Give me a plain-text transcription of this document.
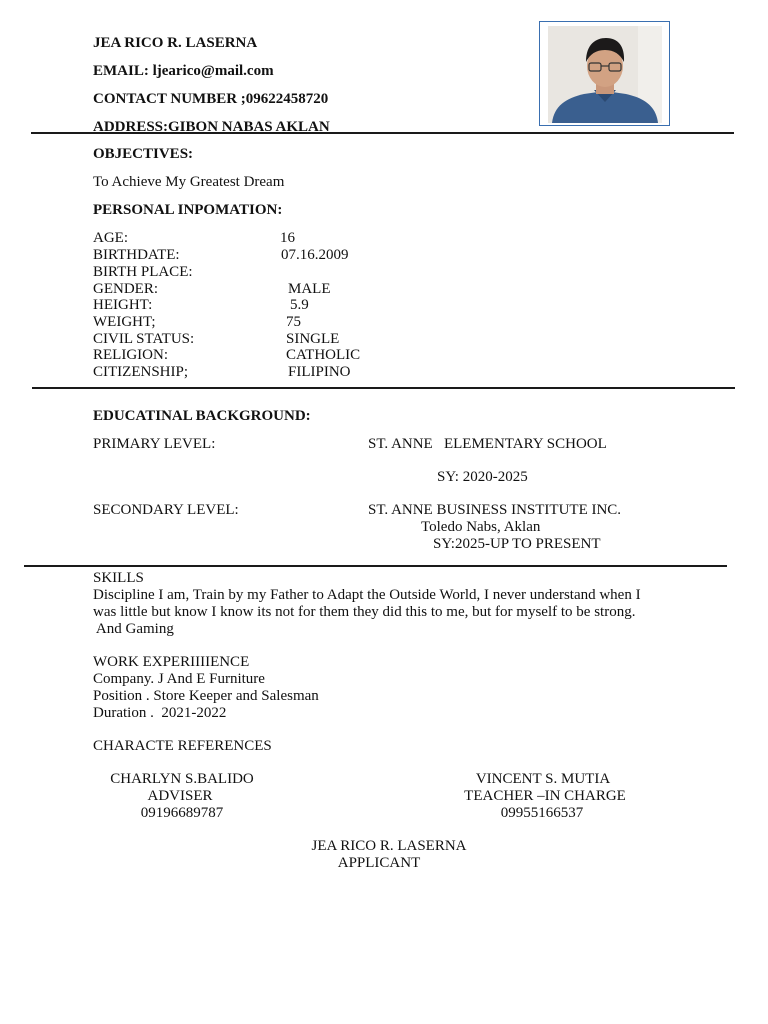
JEA RICO R. LASERNA
EMAIL: ljearico@mail.com
CONTACT NUMBER ;09622458720
ADDRESS:GIBON NABAS AKLAN
OBJECTIVES:
To Achieve My Greatest Dream
PERSONAL INPOMATION:
AGE:	16
BIRTHDATE:	07.16.2009
BIRTH PLACE:
GENDER:	MALE
HEIGHT:	5.9
WEIGHT;	75
CIVIL STATUS:	SINGLE
RELIGION:	CATHOLIC
CITIZENSHIP;	FILIPINO
EDUCATINAL BACKGROUND:
PRIMARY LEVEL:	ST. ANNE   ELEMENTARY SCHOOL
SY: 2020-2025
SECONDARY LEVEL:	ST. ANNE BUSINESS INSTITUTE INC.
Toledo Nabs, Aklan
SY:2025-UP TO PRESENT
SKILLS
Discipline I am, Train by my Father to Adapt the Outside World, I never understand when I
was little but know I know its not for them they did this to me, but for myself to be strong.
And Gaming
WORK EXPERIIIIENCE
Company. J And E Furniture
Position . Store Keeper and Salesman
Duration .  2021-2022
CHARACTE REFERENCES
CHARLYN S.BALIDO
ADVISER
09196689787
VINCENT S. MUTIA
TEACHER –IN CHARGE
09955166537
JEA RICO R. LASERNA
APPLICANT
